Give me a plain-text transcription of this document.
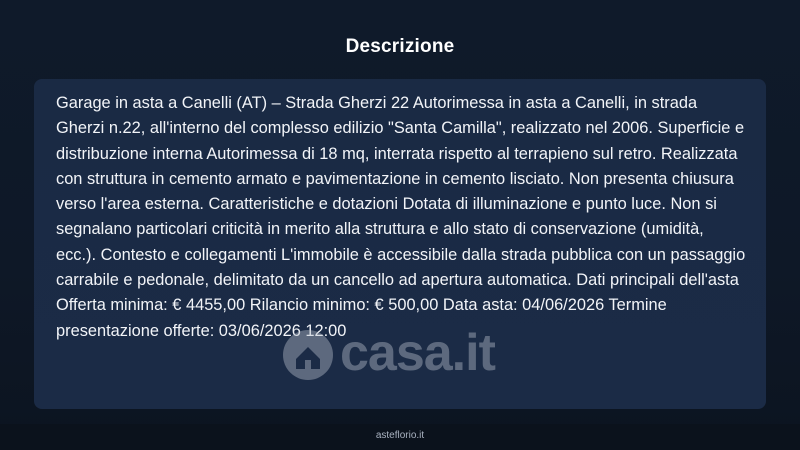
Descrizione

Garage in asta a Canelli (AT) – Strada Gherzi 22 Autorimessa in asta a Canelli, in strada Gherzi n.22, all'interno del complesso edilizio "Santa Camilla", realizzato nel 2006. Superficie e distribuzione interna Autorimessa di 18 mq, interrata rispetto al terrapieno sul retro. Realizzata con struttura in cemento armato e pavimentazione in cemento lisciato. Non presenta chiusura verso l'area esterna. Caratteristiche e dotazioni Dotata di illuminazione e punto luce. Non si segnalano particolari criticità in merito alla struttura e allo stato di conservazione (umidità, ecc.). Contesto e collegamenti L'immobile è accessibile dalla strada pubblica con un passaggio carrabile e pedonale, delimitato da un cancello ad apertura automatica. Dati principali dell'asta Offerta minima: € 4455,00 Rilancio minimo: € 500,00 Data asta: 04/06/2026 Termine presentazione offerte: 03/06/2026 12:00

casa.it
asteflorio.it
